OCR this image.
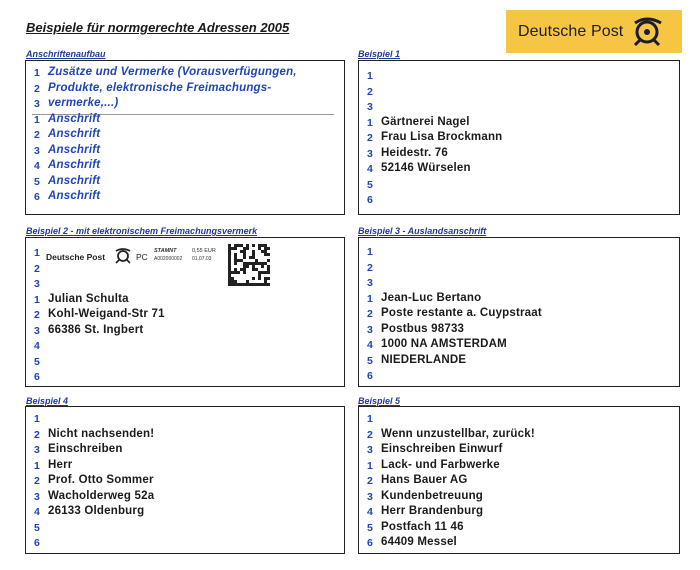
Beispiele für normgerechte Adressen 2005	Deutsche Post
Anschriftenaufbau	Beispiel 1
Beispiel 2 - mit elektronischem Freimachungsvermerk	Beispiel 3 - Auslandsanschrift
Beispiel 4	Beispiel 5
1 Zusätze und Vermerke (Vorausverfügungen,
2 Produkte, elektronische Freimachungs-
3 vermerke,...)
1 Anschrift
2 Anschrift
3 Anschrift
4 Anschrift
5 Anschrift
6 Anschrift
1
2
3
1 Gärtnerei Nagel
2 Frau Lisa Brockmann
3 Heidestr. 76
4 52146 Würselen
5
6
Deutsche Post	PC
STAMNT
A002000002
0,55 EUR
01.07.03
1
2
3
1 Julian Schulta
2 Kohl-Weigand-Str 71
3 66386 St. Ingbert
4
5
6
1
2
3
1 Jean-Luc Bertano
2 Poste restante a. Cuypstraat
3 Postbus 98733
4 1000 NA AMSTERDAM
5 NIEDERLANDE
6
1
2 Nicht nachsenden!
3 Einschreiben
1 Herr
2 Prof. Otto Sommer
3 Wacholderweg 52a
4 26133 Oldenburg
5
6
1
2 Wenn unzustellbar, zurück!
3 Einschreiben Einwurf
1 Lack- und Farbwerke
2 Hans Bauer AG
3 Kundenbetreuung
4 Herr Brandenburg
5 Postfach 11 46
6 64409 Messel
